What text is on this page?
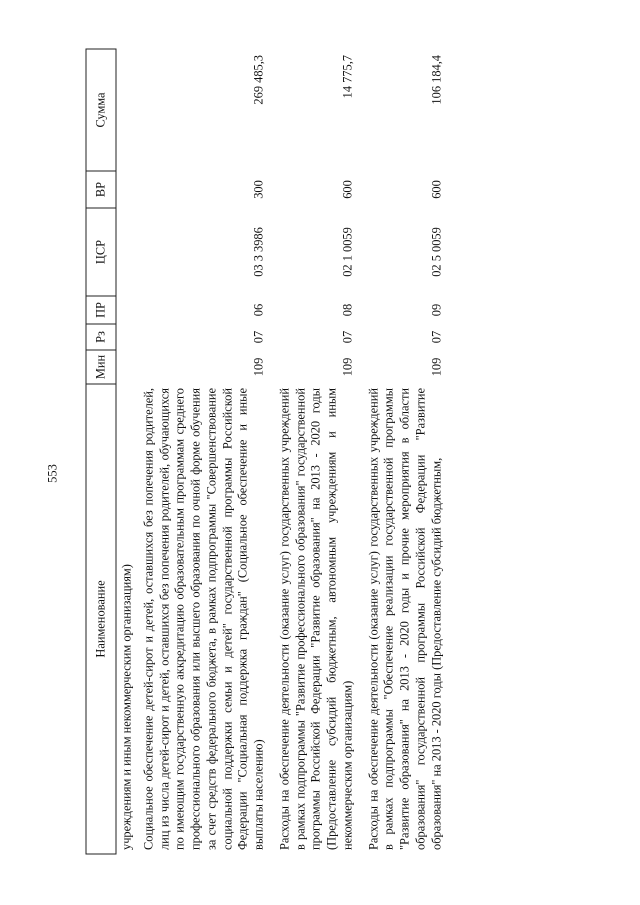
553
Наименование	Мин	Рз	ПР	ЦСР	ВР	Сумма
учреждениям и иным некоммерческим организациям)						
Социальное обеспечение детей-сирот и детей, оставшихся без попечения родителей, лиц из числа детей-сирот и детей, оставшихся без попечения родителей, обучающихся по имеющим государственную аккредитацию образовательным программам среднего профессионального образования или высшего образования по очной форме обучения за счет средств федерального бюджета, в рамках подпрограммы "Совершенствование социальной поддержки семьи и детей" государственной программы Российской Федерации "Социальная поддержка граждан" (Социальное обеспечение и иные выплаты населению)	109	07	06	03 3 3986	300	269 485,3
Расходы на обеспечение деятельности (оказание услуг) государственных учреждений в рамках подпрограммы "Развитие профессионального образования" государственной программы Российской Федерации "Развитие образования" на 2013 - 2020 годы (Предоставление субсидий бюджетным, автономным учреждениям и иным некоммерческим организациям)	109	07	08	02 1 0059	600	14 775,7
Расходы на обеспечение деятельности (оказание услуг) государственных учреждений в рамках подпрограммы "Обеспечение реализации государственной программы "Развитие образования" на 2013 - 2020 годы и прочие мероприятия в области образования" государственной программы Российской Федерации "Развитие образования" на 2013 - 2020 годы (Предоставление субсидий бюджетным,	109	07	09	02 5 0059	600	106 184,4
